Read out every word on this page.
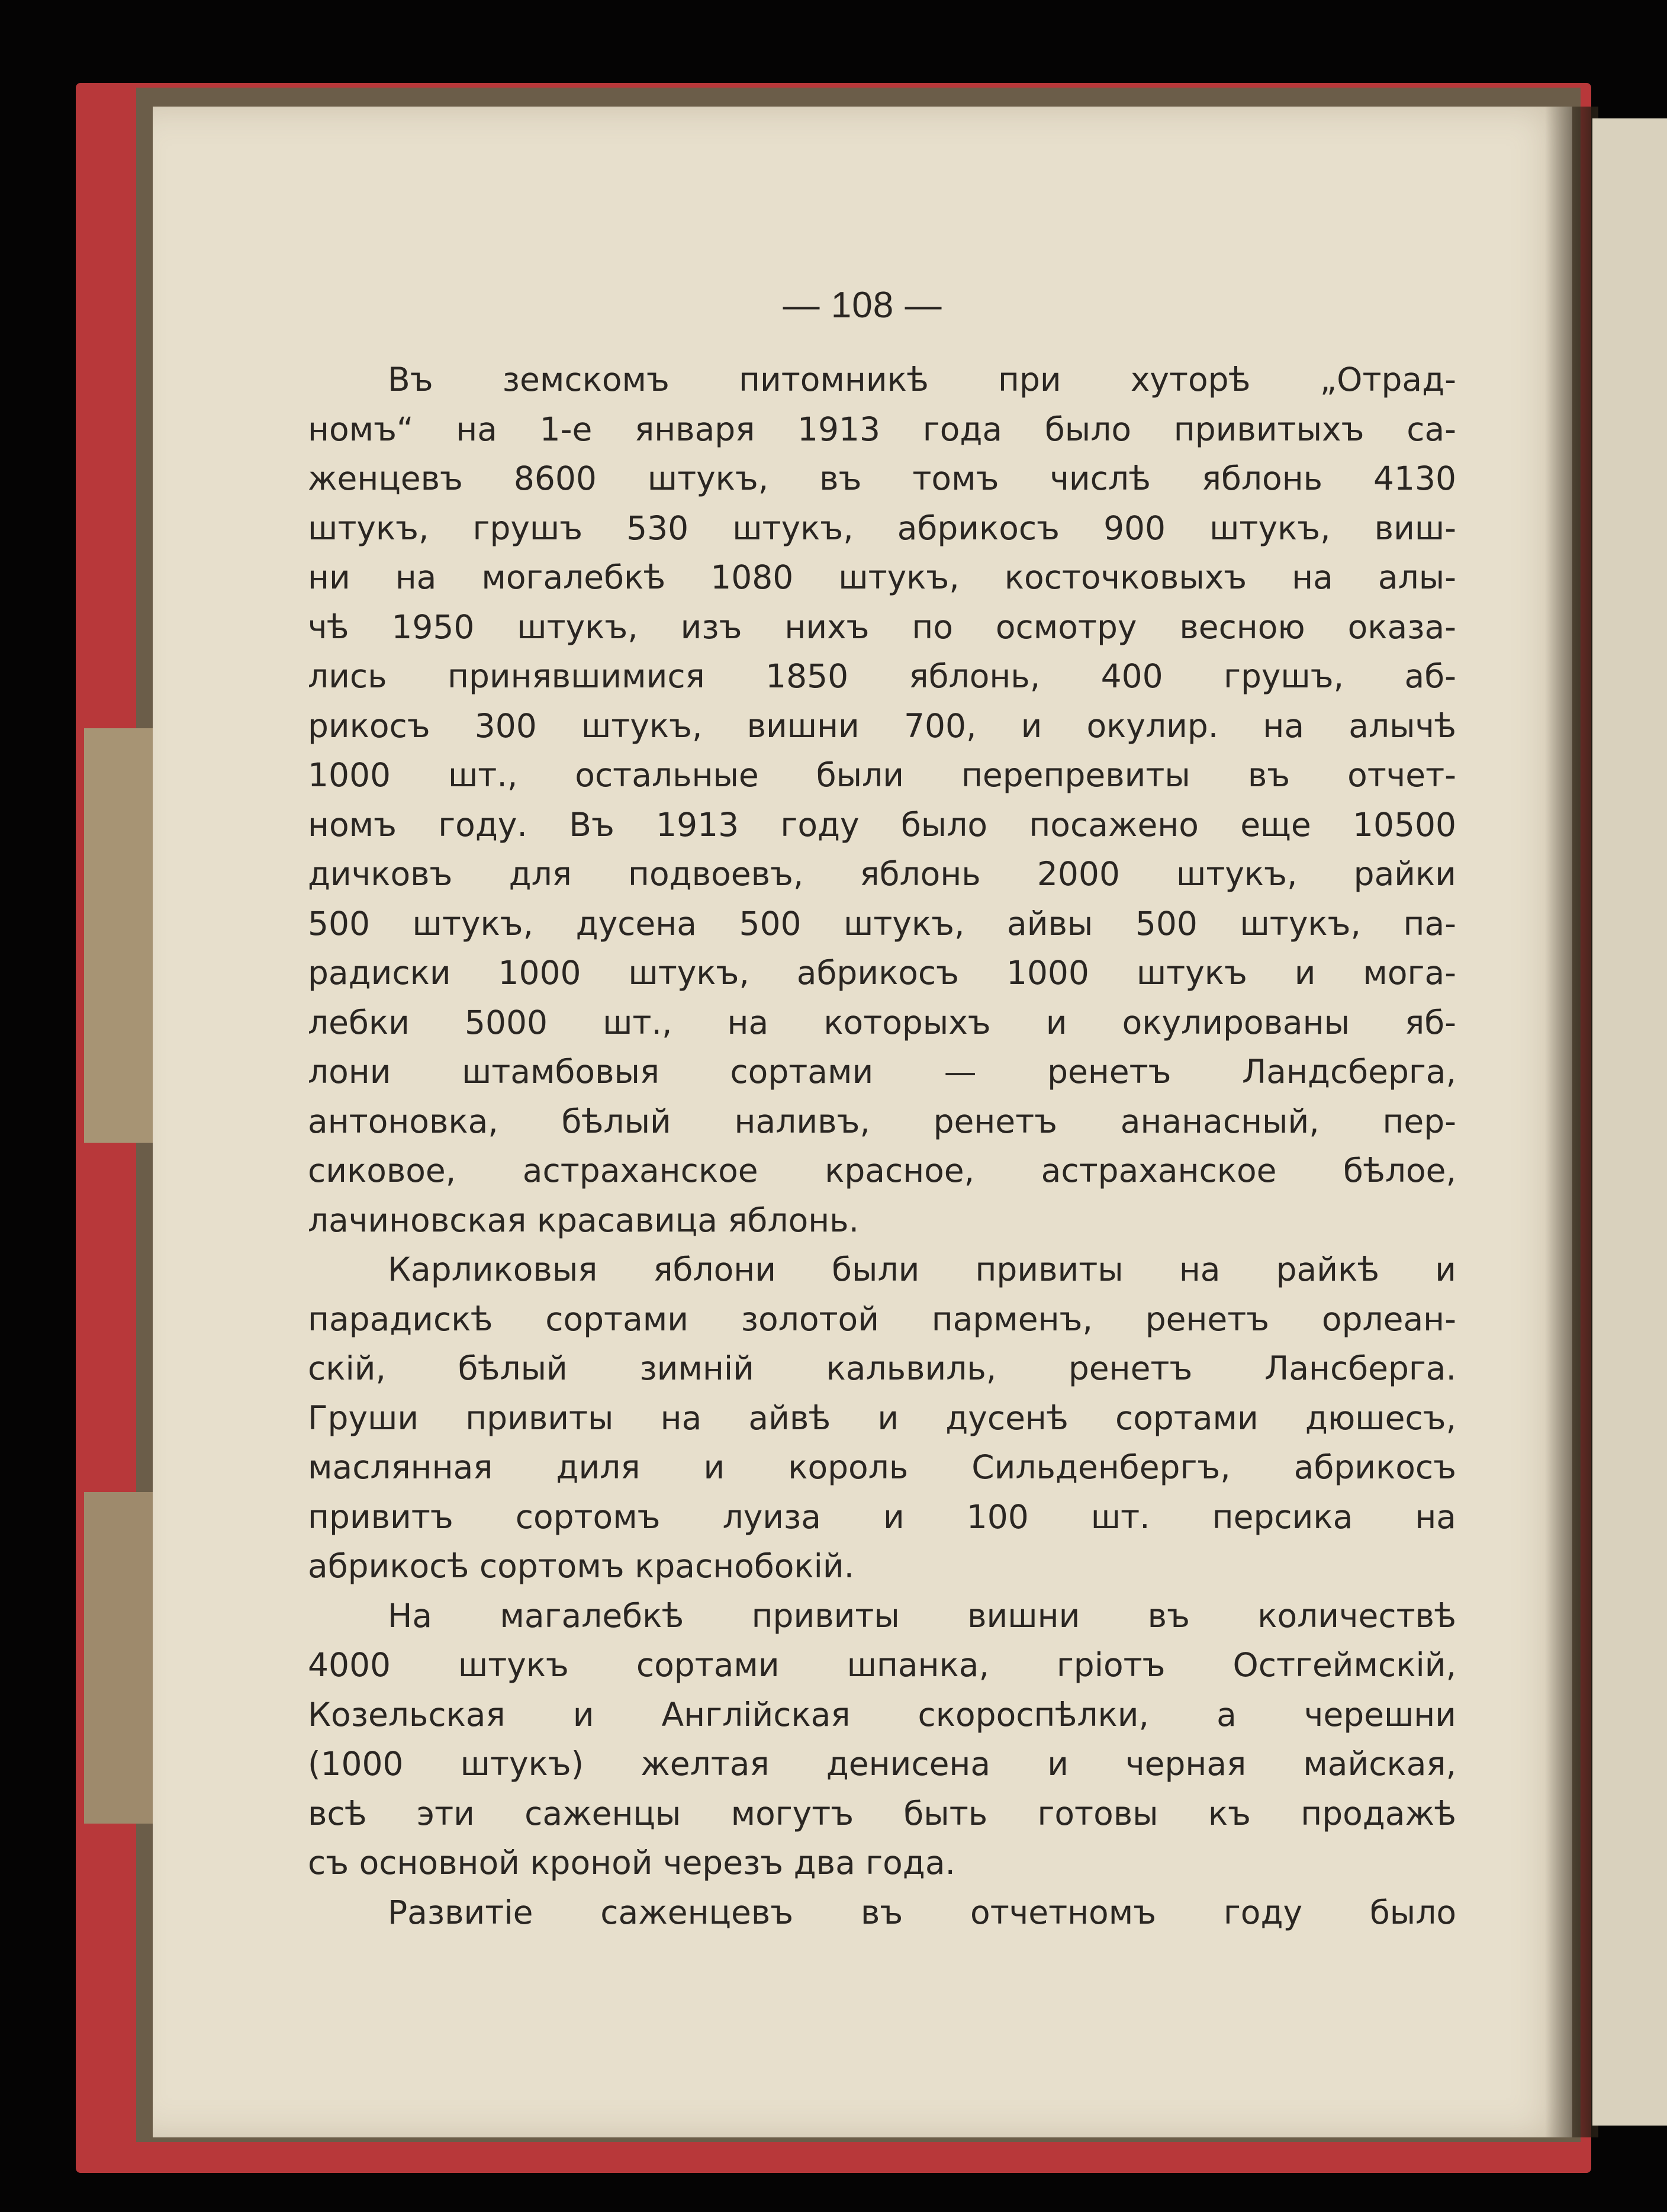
— 108 —
Въ земскомъ питомникѣ при хуторѣ „Отрад-
номъ“ на 1-е января 1913 года было привитыхъ са-
женцевъ 8600 штукъ, въ томъ числѣ яблонь 4130
штукъ, грушъ 530 штукъ, абрикосъ 900 штукъ, виш-
ни на могалебкѣ 1080 штукъ, косточковыхъ на алы-
чѣ 1950 штукъ, изъ нихъ по осмотру весною оказа-
лись принявшимися 1850 яблонь, 400 грушъ, аб-
рикосъ 300 штукъ, вишни 700, и окулир. на алычѣ
1000 шт., остальные были перепревиты въ отчет-
номъ году. Въ 1913 году было посажено еще 10500
дичковъ для подвоевъ, яблонь 2000 штукъ, райки
500 штукъ, дусена 500 штукъ, айвы 500 штукъ, па-
радиски 1000 штукъ, абрикосъ 1000 штукъ и мога-
лебки 5000 шт., на которыхъ и окулированы яб-
лони штамбовыя сортами — ренетъ Ландсберга,
антоновка, бѣлый наливъ, ренетъ ананасный, пер-
сиковое, астраханское красное, астраханское бѣлое,
лачиновская красавица яблонь.
Карликовыя яблони были привиты на райкѣ и
парадискѣ сортами золотой парменъ, ренетъ орлеан-
скій, бѣлый зимній кальвиль, ренетъ Лансберга.
Груши привиты на айвѣ и дусенѣ сортами дюшесъ,
маслянная диля и король Сильденбергъ, абрикосъ
привитъ сортомъ луиза и 100 шт. персика на
абрикосѣ сортомъ краснобокій.
На магалебкѣ привиты вишни въ количествѣ
4000 штукъ сортами шпанка, гріотъ Остгеймскій,
Козельская и Англійская скороспѣлки, а черешни
(1000 штукъ) желтая денисена и черная майская,
всѣ эти саженцы могутъ быть готовы къ продажѣ
съ основной кроной черезъ два года.
Развитіе саженцевъ въ отчетномъ году было
